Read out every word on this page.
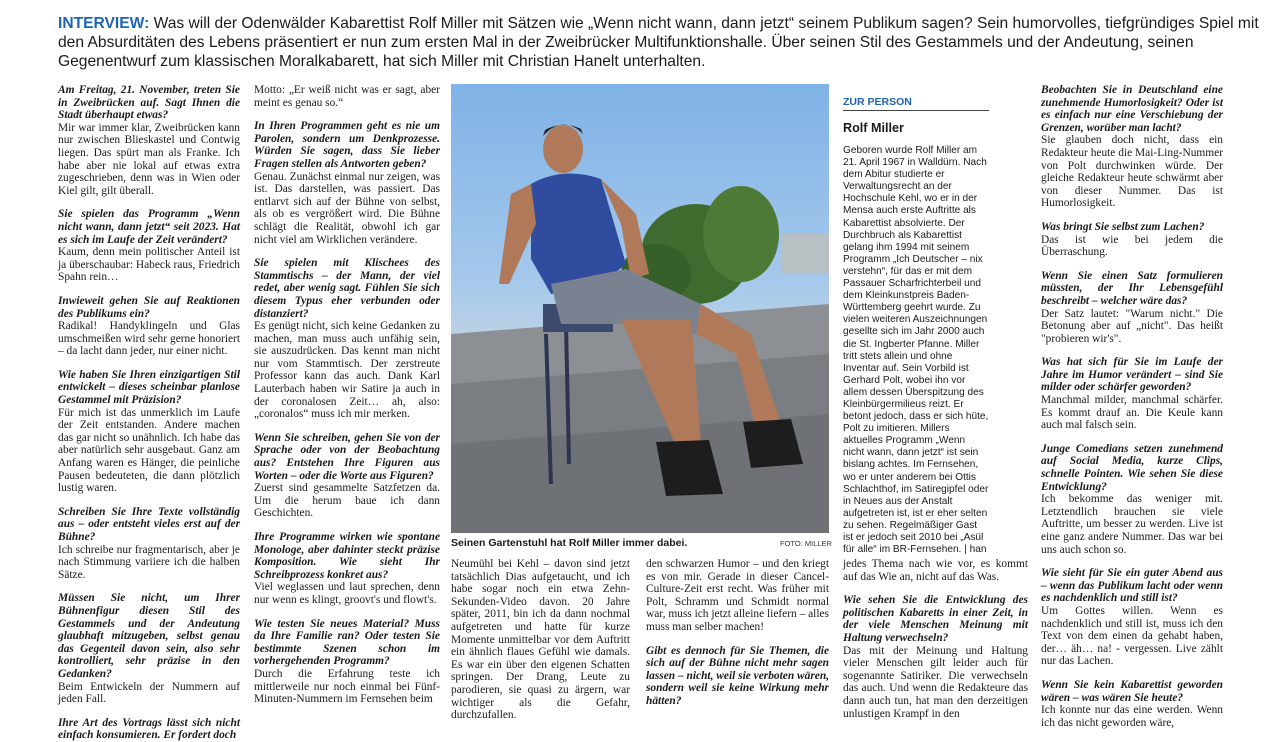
INTERVIEW: Was will der Odenwälder Kabarettist Rolf Miller mit Sätzen wie „Wenn nicht wann, dann jetzt“ seinem Publikum sagen? Sein humorvolles, tiefgründiges Spiel mit den Absurditäten des Lebens präsentiert er nun zum ersten Mal in der Zweibrücker Multifunktionshalle. Über seinen Stil des Gestammels und der Andeutung, seinen Gegenentwurf zum klassischen Moralkabarett, hat sich Miller mit Christian Hanelt unterhalten.

Am Freitag, 21. November, treten Sie in Zweibrücken auf. Sagt Ihnen die Stadt überhaupt etwas?
Mir war immer klar, Zweibrücken kann nur zwischen Blieskastel und Contwig liegen. Das spürt man als Franke. Ich habe aber nie lokal auf etwas extra zugeschrieben, denn was in Wien oder Kiel gilt, gilt überall.

Sie spielen das Programm „Wenn nicht wann, dann jetzt“ seit 2023. Hat es sich im Laufe der Zeit verändert?
Kaum, denn mein politischer Anteil ist ja überschaubar: Habeck raus, Friedrich Spahn rein…

Inwieweit gehen Sie auf Reaktionen des Publikums ein?
Radikal! Handyklingeln und Glas umschmeißen wird sehr gerne honoriert – da lacht dann jeder, nur einer nicht.

Wie haben Sie Ihren einzigartigen Stil entwickelt – dieses scheinbar planlose Gestammel mit Präzision?
Für mich ist das unmerklich im Laufe der Zeit entstanden. Andere machen das gar nicht so unähnlich. Ich habe das aber natürlich sehr ausgebaut. Ganz am Anfang waren es Hänger, die peinliche Pausen bedeuteten, die dann plötzlich lustig waren.

Schreiben Sie Ihre Texte vollständig aus – oder entsteht vieles erst auf der Bühne?
Ich schreibe nur fragmentarisch, aber je nach Stimmung variiere ich die halben Sätze.

Müssen Sie nicht, um Ihrer Bühnenfigur diesen Stil des Gestammels und der Andeutung glaubhaft mitzugeben, selbst genau das Gegenteil davon sein, also sehr kontrolliert, sehr präzise in den Gedanken?
Beim Entwickeln der Nummern auf jeden Fall.

Ihre Art des Vortrags lässt sich nicht einfach konsumieren. Er fordert doch

Motto: „Er weiß nicht was er sagt, aber meint es genau so.“

In Ihren Programmen geht es nie um Parolen, sondern um Denkprozesse. Würden Sie sagen, dass Sie lieber Fragen stellen als Antworten geben?
Genau. Zunächst einmal nur zeigen, was ist. Das darstellen, was passiert. Das entlarvt sich auf der Bühne von selbst, als ob es vergrößert wird. Die Bühne schlägt die Realität, obwohl ich gar nicht viel am Wirklichen verändere.

Sie spielen mit Klischees des Stammtischs – der Mann, der viel redet, aber wenig sagt. Fühlen Sie sich diesem Typus eher verbunden oder distanziert?
Es genügt nicht, sich keine Gedanken zu machen, man muss auch unfähig sein, sie auszudrücken. Das kennt man nicht nur vom Stammtisch. Der zerstreute Professor kann das auch. Dank Karl Lauterbach haben wir Satire ja auch in der coronalosen Zeit… ah, also: „coronalos“ muss ich mir merken.

Wenn Sie schreiben, gehen Sie von der Sprache oder von der Beobachtung aus? Entstehen Ihre Figuren aus Worten – oder die Worte aus Figuren?
Zuerst sind gesammelte Satzfetzen da. Um die herum baue ich dann Geschichten.

Ihre Programme wirken wie spontane Monologe, aber dahinter steckt präzise Komposition. Wie sieht Ihr Schreibprozess konkret aus?
Viel weglassen und laut sprechen, denn nur wenn es klingt, groovt's und flowt's.

Wie testen Sie neues Material? Muss da Ihre Familie ran? Oder testen Sie bestimmte Szenen schon im vorhergehenden Programm?
Durch die Erfahrung teste ich mittlerweile nur noch einmal bei Fünf-Minuten-Nummern im Fernsehen beim

Seinen Gartenstuhl hat Rolf Miller immer dabei.	FOTO: MILLER
ZUR PERSON
Rolf Miller
Geboren wurde Rolf Miller am 21. April 1967 in Walldürn. Nach dem Abitur studierte er Verwaltungsrecht an der Hochschule Kehl, wo er in der Mensa auch erste Auftritte als Kabarettist absolvierte. Der Durchbruch als Kabarettist gelang ihm 1994 mit seinem Programm „Ich Deutscher – nix verstehn“, für das er mit dem Passauer Scharfrichterbeil und dem Kleinkunstpreis Baden-Württemberg geehrt wurde. Zu vielen weiteren Auszeichnungen gesellte sich im Jahr 2000 auch die St. Ingberter Pfanne. Miller tritt stets allein und ohne Inventar auf. Sein Vorbild ist Gerhard Polt, wobei ihn vor allem dessen Überspitzung des Kleinbürgermilieus reizt. Er betont jedoch, dass er sich hüte, Polt zu imitieren. Millers aktuelles Programm „Wenn nicht wann, dann jetzt“ ist sein bislang achtes. Im Fernsehen, wo er unter anderem bei Ottis Schlachthof, im Satiregipfel oder in Neues aus der Anstalt aufgetreten ist, ist er eher selten zu sehen. Regelmäßiger Gast ist er jedoch seit 2010 bei „Asül für alle“ im BR-Fernsehen. | han

Neumühl bei Kehl – davon sind jetzt tatsächlich Dias aufgetaucht, und ich habe sogar noch ein etwa Zehn-Sekunden-Video davon. 20 Jahre später, 2011, bin ich da dann nochmal aufgetreten und hatte für kurze Momente unmittelbar vor dem Auftritt ein ähnlich flaues Gefühl wie damals. Es war ein über den eigenen Schatten springen. Der Drang, Leute zu parodieren, sie quasi zu ärgern, war wichtiger als die Gefahr, durchzufallen.

den schwarzen Humor – und den kriegt es von mir. Gerade in dieser Cancel-Culture-Zeit erst recht. Was früher mit Polt, Schramm und Schmidt normal war, muss ich jetzt alleine liefern – alles muss man selber machen!

Gibt es dennoch für Sie Themen, die sich auf der Bühne nicht mehr sagen lassen – nicht, weil sie verboten wären, sondern weil sie keine Wirkung mehr hätten?

jedes Thema nach wie vor, es kommt auf das Wie an, nicht auf das Was.

Wie sehen Sie die Entwicklung des politischen Kabaretts in einer Zeit, in der viele Menschen Meinung mit Haltung verwechseln?
Das mit der Meinung und Haltung vieler Menschen gilt leider auch für sogenannte Satiriker. Die verwechseln das auch. Und wenn die Redakteure das dann auch tun, hat man den derzeitigen unlustigen Krampf in den

Beobachten Sie in Deutschland eine zunehmende Humorlosigkeit? Oder ist es einfach nur eine Verschiebung der Grenzen, worüber man lacht?
Sie glauben doch nicht, dass ein Redakteur heute die Mai-Ling-Nummer von Polt durchwinken würde. Der gleiche Redakteur heute schwärmt aber von dieser Nummer. Das ist Humorlosigkeit.

Was bringt Sie selbst zum Lachen?
Das ist wie bei jedem die Überraschung.

Wenn Sie einen Satz formulieren müssten, der Ihr Lebensgefühl beschreibt – welcher wäre das?
Der Satz lautet: "Warum nicht." Die Betonung aber auf „nicht". Das heißt "probieren wir's".

Was hat sich für Sie im Laufe der Jahre im Humor verändert – sind Sie milder oder schärfer geworden?
Manchmal milder, manchmal schärfer. Es kommt drauf an. Die Keule kann auch mal falsch sein.

Junge Comedians setzen zunehmend auf Social Media, kurze Clips, schnelle Pointen. Wie sehen Sie diese Entwicklung?
Ich bekomme das weniger mit. Letztendlich brauchen sie viele Auftritte, um besser zu werden. Live ist eine ganz andere Nummer. Das war bei uns auch schon so.

Wie sieht für Sie ein guter Abend aus – wenn das Publikum lacht oder wenn es nachdenklich und still ist?
Um Gottes willen. Wenn es nachdenklich und still ist, muss ich den Text von dem einen da gehabt haben, der… äh… na! - vergessen. Live zählt nur das Lachen.

Wenn Sie kein Kabarettist geworden wären – was wären Sie heute?
Ich konnte nur das eine werden. Wenn ich das nicht geworden wäre,
